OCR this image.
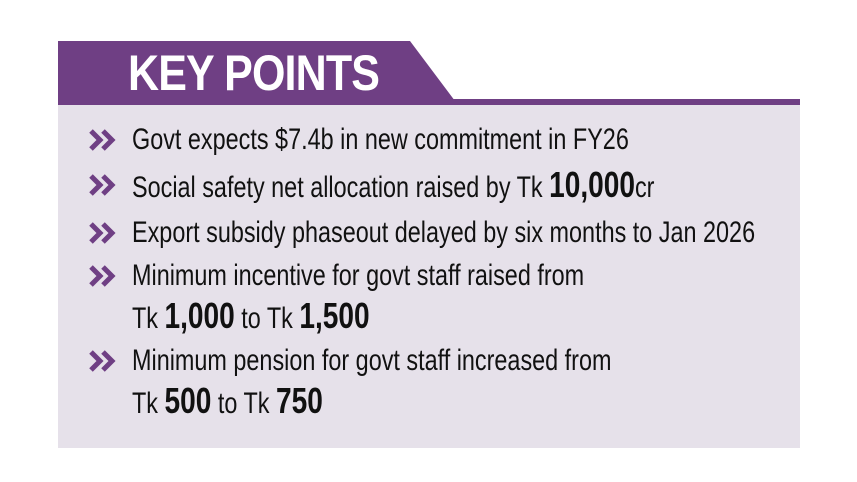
KEY POINTS
Govt expects $7.4b in new commitment in FY26
Social safety net allocation raised by Tk 10,000cr
Export subsidy phaseout delayed by six months to Jan 2026
Minimum incentive for govt staff raised from
Tk 1,000 to Tk 1,500
Minimum pension for govt staff increased from
Tk 500 to Tk 750
